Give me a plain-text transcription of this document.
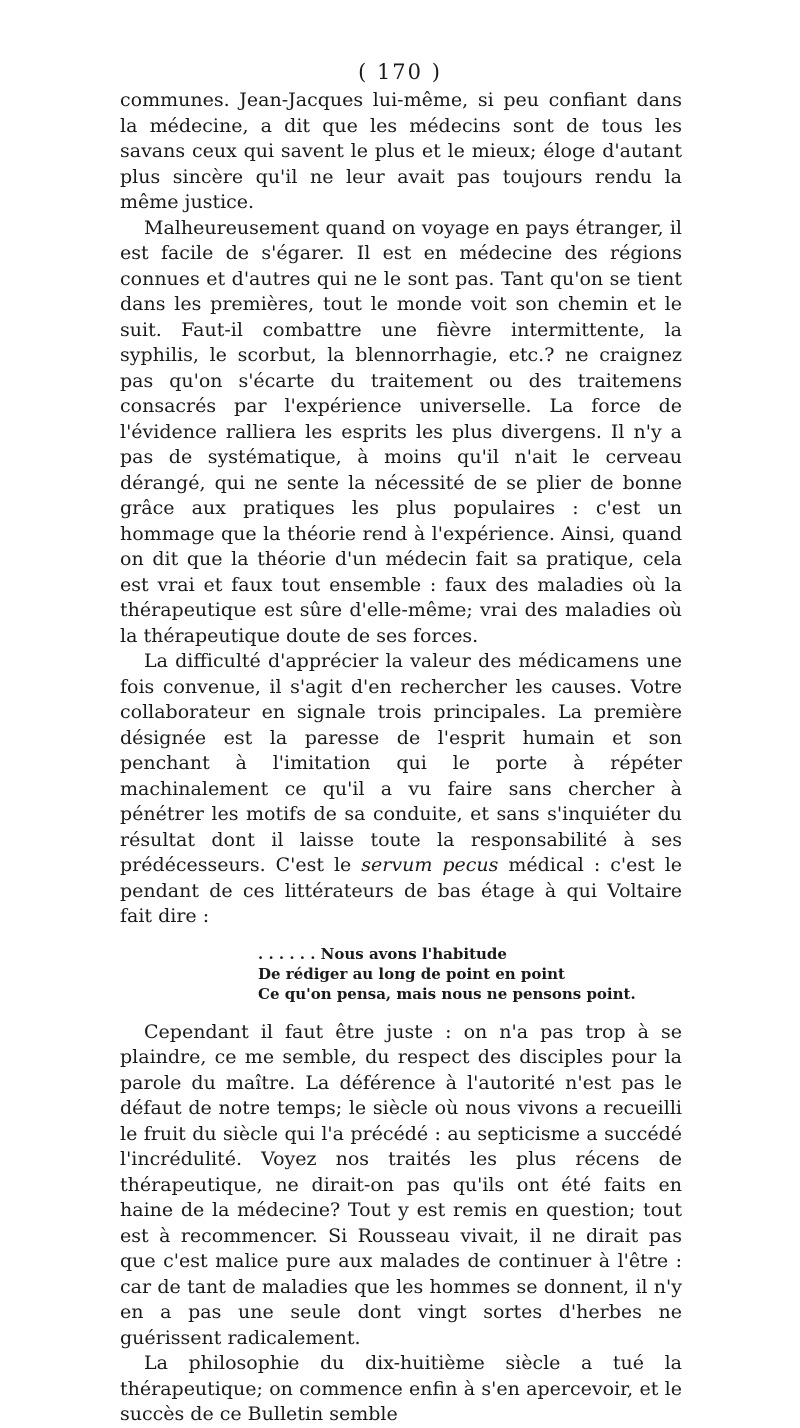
( 170 )

communes. Jean-Jacques lui-même, si peu confiant dans la médecine, a dit que les médecins sont de tous les savans ceux qui savent le plus et le mieux; éloge d'autant plus sincère qu'il ne leur avait pas toujours rendu la même justice.

Malheureusement quand on voyage en pays étranger, il est facile de s'égarer. Il est en médecine des régions connues et d'autres qui ne le sont pas. Tant qu'on se tient dans les premières, tout le monde voit son chemin et le suit. Faut-il combattre une fièvre intermittente, la syphilis, le scorbut, la blennorrhagie, etc.? ne craignez pas qu'on s'écarte du traitement ou des traitemens consacrés par l'expérience universelle. La force de l'évidence ralliera les esprits les plus divergens. Il n'y a pas de systématique, à moins qu'il n'ait le cerveau dérangé, qui ne sente la nécessité de se plier de bonne grâce aux pratiques les plus populaires : c'est un hommage que la théorie rend à l'expérience. Ainsi, quand on dit que la théorie d'un médecin fait sa pratique, cela est vrai et faux tout ensemble : faux des maladies où la thérapeutique est sûre d'elle-même; vrai des maladies où la thérapeutique doute de ses forces.

La difficulté d'apprécier la valeur des médicamens une fois convenue, il s'agit d'en rechercher les causes. Votre collaborateur en signale trois principales. La première désignée est la paresse de l'esprit humain et son penchant à l'imitation qui le porte à répéter machinalement ce qu'il a vu faire sans chercher à pénétrer les motifs de sa conduite, et sans s'inquiéter du résultat dont il laisse toute la responsabilité à ses prédécesseurs. C'est le servum pecus médical : c'est le pendant de ces littérateurs de bas étage à qui Voltaire fait dire :

. . . . . . Nous avons l'habitude
De rédiger au long de point en point
Ce qu'on pensa, mais nous ne pensons point.

Cependant il faut être juste : on n'a pas trop à se plaindre, ce me semble, du respect des disciples pour la parole du maître. La déférence à l'autorité n'est pas le défaut de notre temps; le siècle où nous vivons a recueilli le fruit du siècle qui l'a précédé : au septicisme a succédé l'incrédulité. Voyez nos traités les plus récens de thérapeutique, ne dirait-on pas qu'ils ont été faits en haine de la médecine? Tout y est remis en question; tout est à recommencer. Si Rousseau vivait, il ne dirait pas que c'est malice pure aux malades de continuer à l'être : car de tant de maladies que les hommes se donnent, il n'y en a pas une seule dont vingt sortes d'herbes ne guérissent radicalement.

La philosophie du dix-huitième siècle a tué la thérapeutique; on commence enfin à s'en apercevoir, et le succès de ce Bulletin semble
